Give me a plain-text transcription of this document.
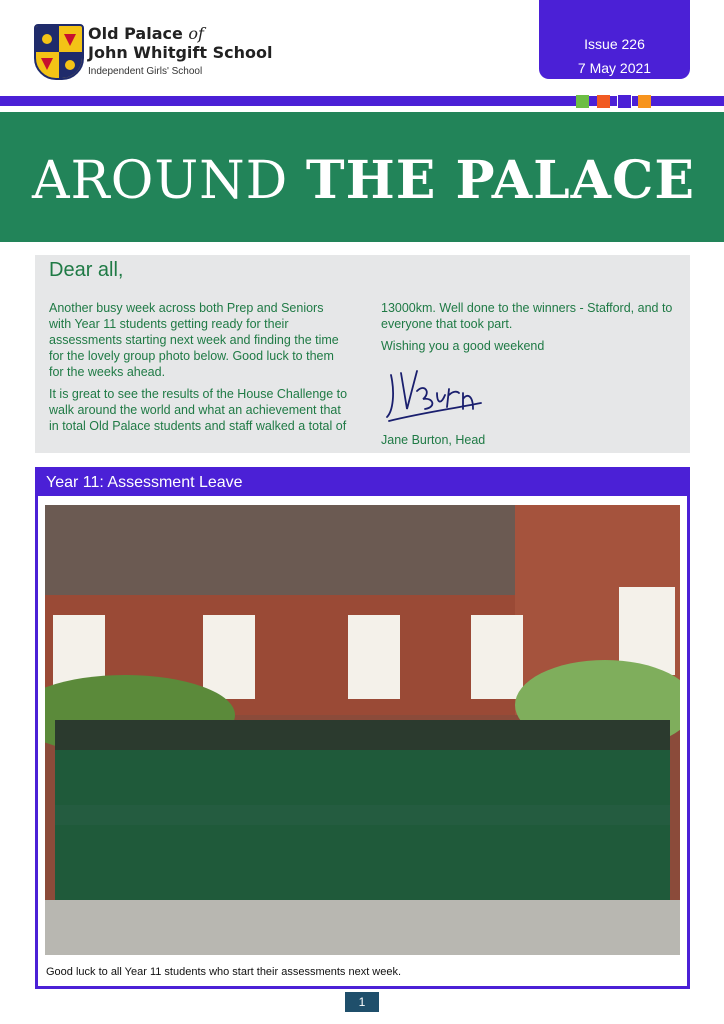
Old Palace of
John Whitgift School
Independent Girls' School
Issue 226
7 May 2021
AROUND THE PALACE
Dear all,

Another busy week across both Prep and Seniors with Year 11 students getting ready for their assessments starting next week and finding the time for the lovely group photo below. Good luck to them for the weeks ahead.

It is great to see the results of the House Challenge to walk around the world and what an achievement that in total Old Palace students and staff walked a total of

13000km. Well done to the winners - Stafford, and to everyone that took part.

Wishing you a good weekend

Jane Burton, Head
Year 11: Assessment Leave
Good luck to all Year 11 students who start their assessments next week.
1
